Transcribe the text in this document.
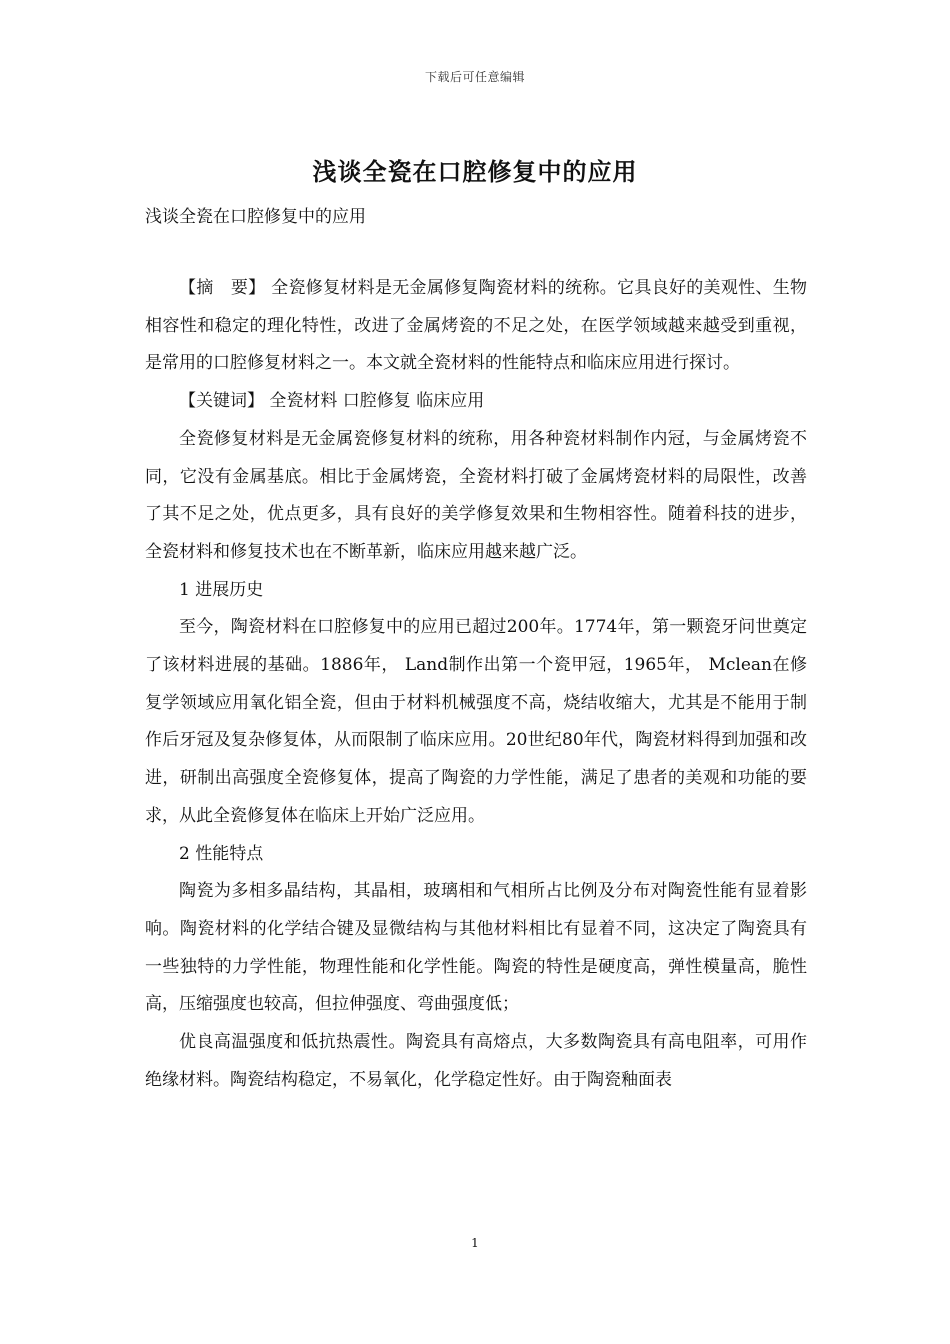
下载后可任意编辑
浅谈全瓷在口腔修复中的应用
浅谈全瓷在口腔修复中的应用

【摘　要】 全瓷修复材料是无金属修复陶瓷材料的统称。它具良好的美观性、生物相容性和稳定的理化特性，改进了金属烤瓷的不足之处，在医学领域越来越受到重视，是常用的口腔修复材料之一。本文就全瓷材料的性能特点和临床应用进行探讨。

【关键词】 全瓷材料 口腔修复 临床应用

全瓷修复材料是无金属瓷修复材料的统称，用各种瓷材料制作内冠，与金属烤瓷不同，它没有金属基底。相比于金属烤瓷，全瓷材料打破了金属烤瓷材料的局限性，改善了其不足之处，优点更多，具有良好的美学修复效果和生物相容性。随着科技的进步，全瓷材料和修复技术也在不断革新，临床应用越来越广泛。

1 进展历史

至今，陶瓷材料在口腔修复中的应用已超过200年。1774年，第一颗瓷牙问世奠定了该材料进展的基础。1886年， Land制作出第一个瓷甲冠，1965年， Mclean在修复学领域应用氧化铝全瓷，但由于材料机械强度不高，烧结收缩大，尤其是不能用于制作后牙冠及复杂修复体，从而限制了临床应用。20世纪80年代，陶瓷材料得到加强和改进，研制出高强度全瓷修复体，提高了陶瓷的力学性能，满足了患者的美观和功能的要求，从此全瓷修复体在临床上开始广泛应用。

2 性能特点

陶瓷为多相多晶结构，其晶相，玻璃相和气相所占比例及分布对陶瓷性能有显着影响。陶瓷材料的化学结合键及显微结构与其他材料相比有显着不同，这决定了陶瓷具有一些独特的力学性能，物理性能和化学性能。陶瓷的特性是硬度高，弹性模量高，脆性高，压缩强度也较高，但拉伸强度、弯曲强度低；

优良高温强度和低抗热震性。陶瓷具有高熔点，大多数陶瓷具有高电阻率，可用作绝缘材料。陶瓷结构稳定，不易氧化，化学稳定性好。由于陶瓷釉面表

1
